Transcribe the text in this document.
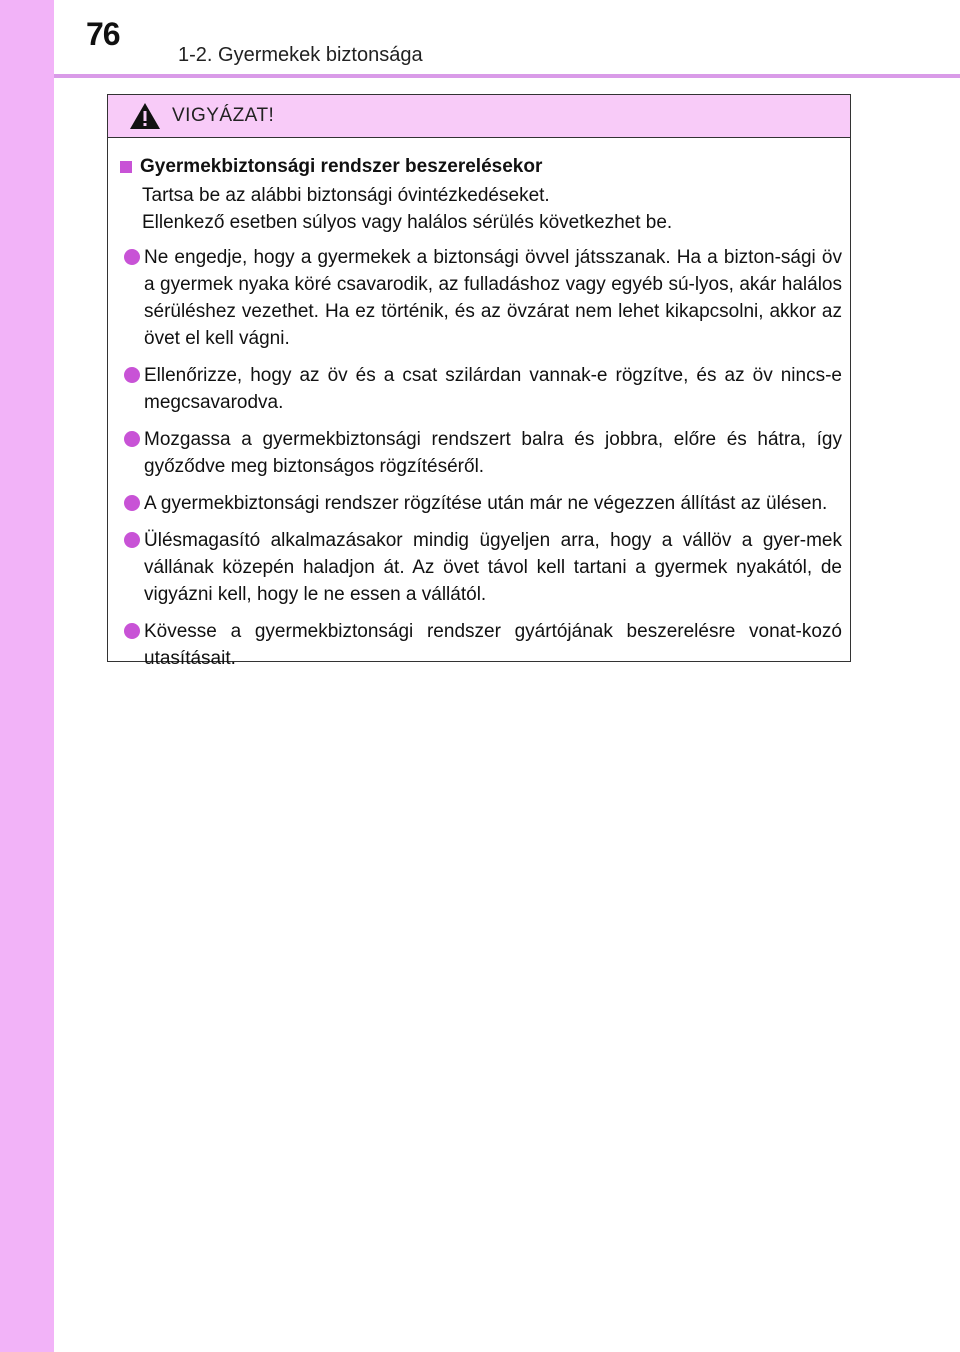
76
1-2. Gyermekek biztonsága
VIGYÁZAT!
Gyermekbiztonsági rendszer beszerelésekor

Tartsa be az alábbi biztonsági óvintézkedéseket.

Ellenkező esetben súlyos vagy halálos sérülés következhet be.

Ne engedje, hogy a gyermekek a biztonsági övvel játsszanak. Ha a bizton-sági öv a gyermek nyaka köré csavarodik, az fulladáshoz vagy egyéb sú-lyos, akár halálos sérüléshez vezethet. Ha ez történik, és az övzárat nem lehet kikapcsolni, akkor az övet el kell vágni.
Ellenőrizze, hogy az öv és a csat szilárdan vannak-e rögzítve, és az öv nincs-e megcsavarodva.
Mozgassa a gyermekbiztonsági rendszert balra és jobbra, előre és hátra, így győződve meg biztonságos rögzítéséről.
A gyermekbiztonsági rendszer rögzítése után már ne végezzen állítást az ülésen.
Ülésmagasító alkalmazásakor mindig ügyeljen arra, hogy a vállöv a gyer-mek vállának közepén haladjon át. Az övet távol kell tartani a gyermek nyakától, de vigyázni kell, hogy le ne essen a vállától.
Kövesse a gyermekbiztonsági rendszer gyártójának beszerelésre vonat-kozó utasításait.
